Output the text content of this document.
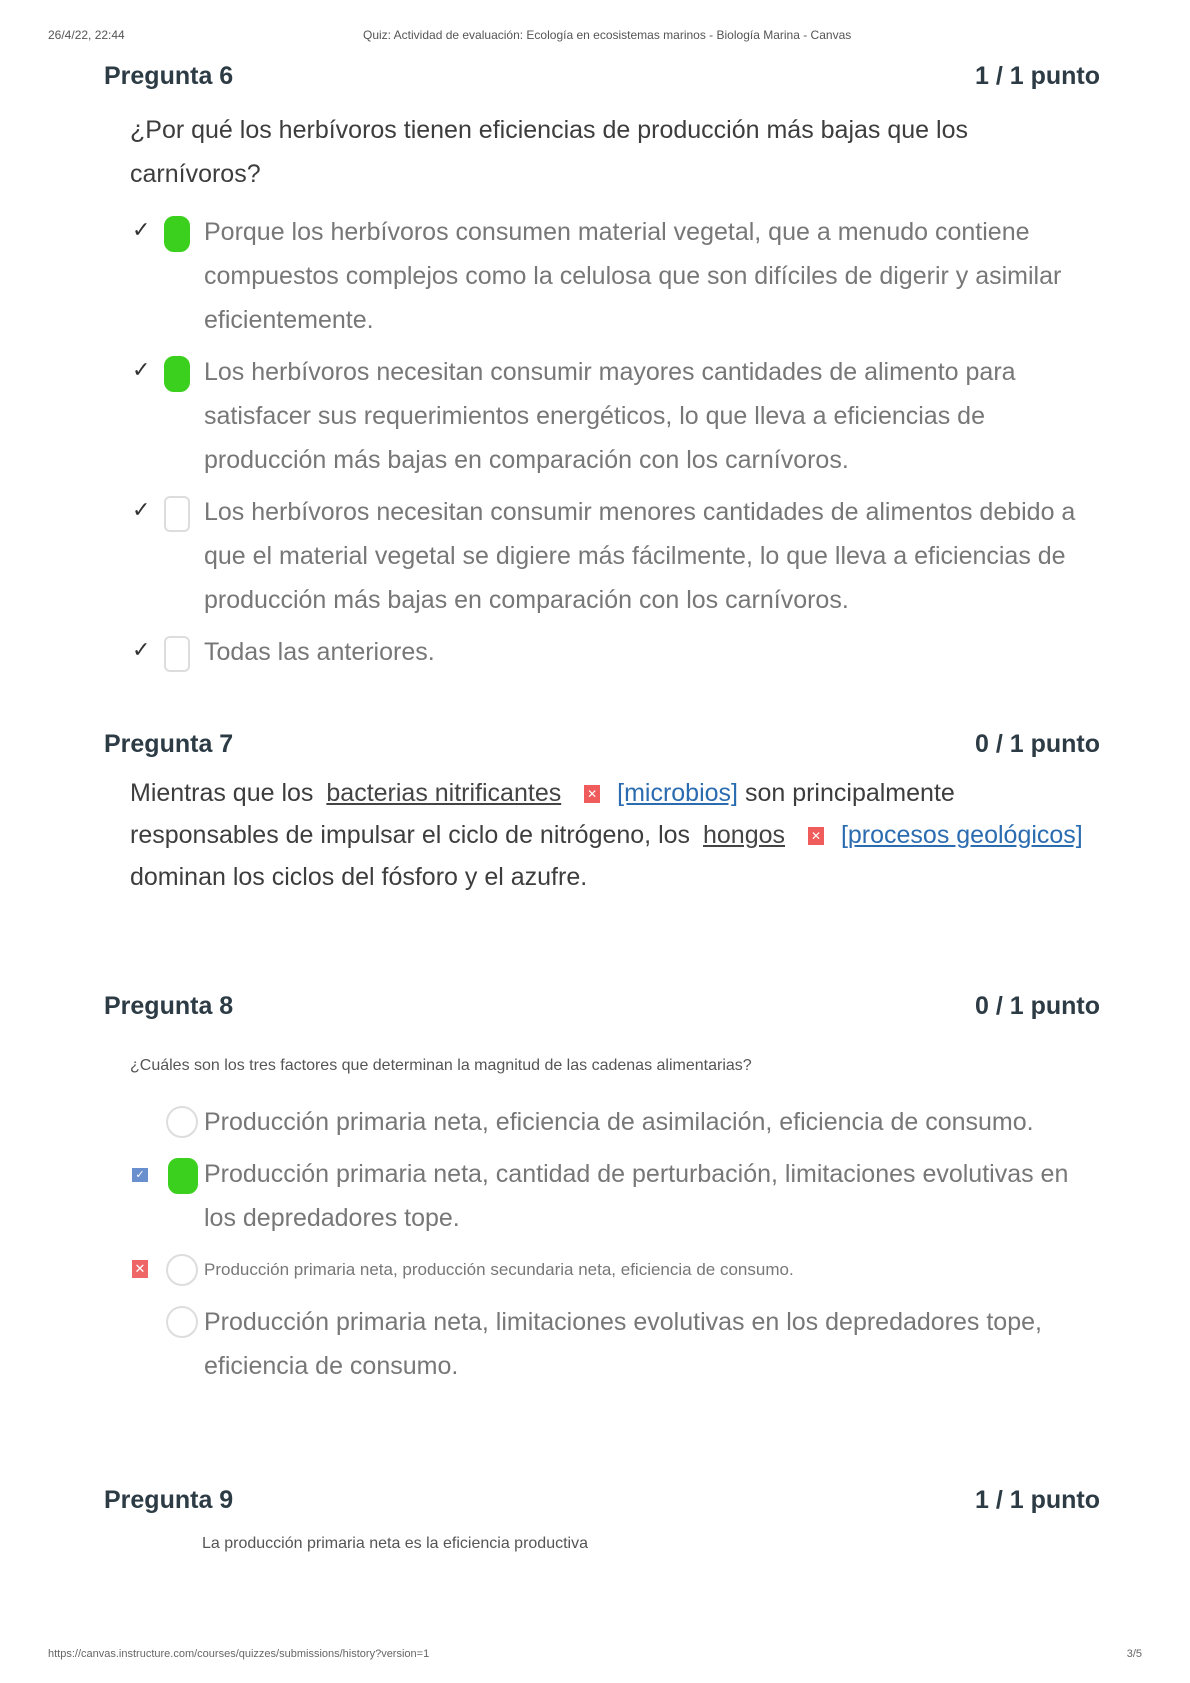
26/4/22, 22:44	Quiz: Actividad de evaluación: Ecología en ecosistemas marinos - Biología Marina - Canvas
Pregunta 6	1 / 1 punto
¿Por qué los herbívoros tienen eficiencias de producción más bajas que los carnívoros?
✓ Porque los herbívoros consumen material vegetal, que a menudo contiene compuestos complejos como la celulosa que son difíciles de digerir y asimilar eficientemente.
✓ Los herbívoros necesitan consumir mayores cantidades de alimento para satisfacer sus requerimientos energéticos, lo que lleva a eficiencias de producción más bajas en comparación con los carnívoros.
✓ Los herbívoros necesitan consumir menores cantidades de alimentos debido a que el material vegetal se digiere más fácilmente, lo que lleva a eficiencias de producción más bajas en comparación con los carnívoros.
✓ Todas las anteriores.
Pregunta 7	0 / 1 punto
Mientras que los bacterias nitrificantes ✕ [microbios] son principalmente responsables de impulsar el ciclo de nitrógeno, los hongos ✕ [procesos geológicos] dominan los ciclos del fósforo y el azufre.
Pregunta 8	0 / 1 punto
¿Cuáles son los tres factores que determinan la magnitud de las cadenas alimentarias?
Producción primaria neta, eficiencia de asimilación, eficiencia de consumo.
✓ Producción primaria neta, cantidad de perturbación, limitaciones evolutivas en los depredadores tope.
✕	Producción primaria neta, producción secundaria neta, eficiencia de consumo.
Producción primaria neta, limitaciones evolutivas en los depredadores tope, eficiencia de consumo.
Pregunta 9	1 / 1 punto
La producción primaria neta es la eficiencia productiva
https://canvas.instructure.com/courses/quizzes/submissions/history?version=1	3/5
